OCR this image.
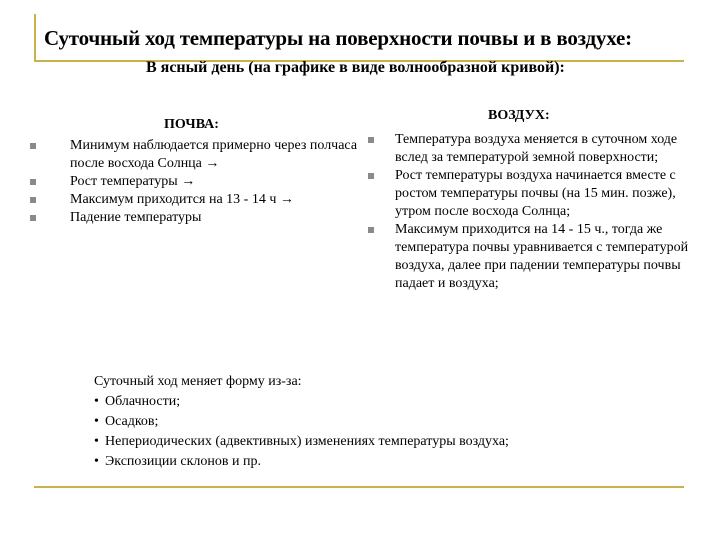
Суточный ход температуры на поверхности почвы и в воздухе:
В ясный день (на графике в виде волнообразной кривой):
ПОЧВА:
Минимум наблюдается примерно через полчаса после восхода Солнца →
Рост температуры →
Максимум приходится на 13 - 14 ч →
Падение температуры
ВОЗДУХ:
Температура воздуха меняется в суточном ходе вслед за температурой земной поверхности;
Рост температуры воздуха начинается вместе с ростом температуры почвы (на 15 мин. позже), утром после восхода Солнца;
Максимум приходится на 14 - 15 ч., тогда же температура почвы уравнивается с температурой воздуха, далее при падении температуры почвы падает и воздуха;
Суточный ход меняет форму из-за:
• Облачности;
• Осадков;
• Непериодических (адвективных) изменениях температуры воздуха;
• Экспозиции склонов и пр.
